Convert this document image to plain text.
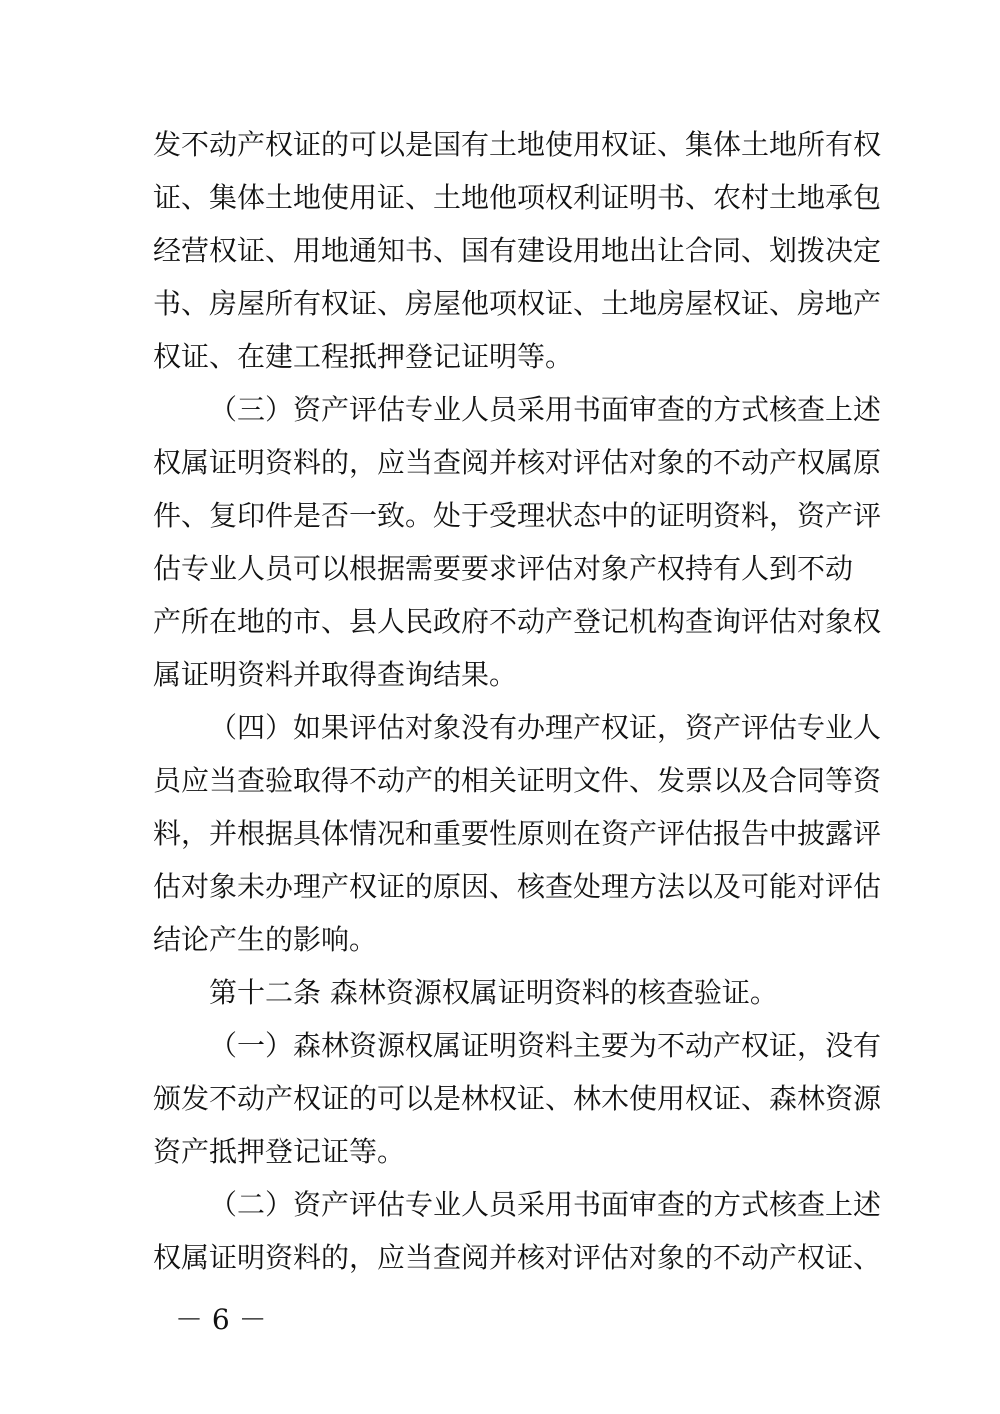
发不动产权证的可以是国有土地使用权证、集体土地所有权
证、集体土地使用证、土地他项权利证明书、农村土地承包
经营权证、用地通知书、国有建设用地出让合同、划拨决定
书、房屋所有权证、房屋他项权证、土地房屋权证、房地产
权证、在建工程抵押登记证明等。
（三）资产评估专业人员采用书面审查的方式核查上述
权属证明资料的，应当查阅并核对评估对象的不动产权属原
件、复印件是否一致。处于受理状态中的证明资料，资产评
估专业人员可以根据需要要求评估对象产权持有人到不动
产所在地的市、县人民政府不动产登记机构查询评估对象权
属证明资料并取得查询结果。
（四）如果评估对象没有办理产权证，资产评估专业人
员应当查验取得不动产的相关证明文件、发票以及合同等资
料，并根据具体情况和重要性原则在资产评估报告中披露评
估对象未办理产权证的原因、核查处理方法以及可能对评估
结论产生的影响。
第十二条 森林资源权属证明资料的核查验证。
（一）森林资源权属证明资料主要为不动产权证，没有
颁发不动产权证的可以是林权证、林木使用权证、森林资源
资产抵押登记证等。
（二）资产评估专业人员采用书面审查的方式核查上述
权属证明资料的，应当查阅并核对评估对象的不动产权证、
－ 6 －
